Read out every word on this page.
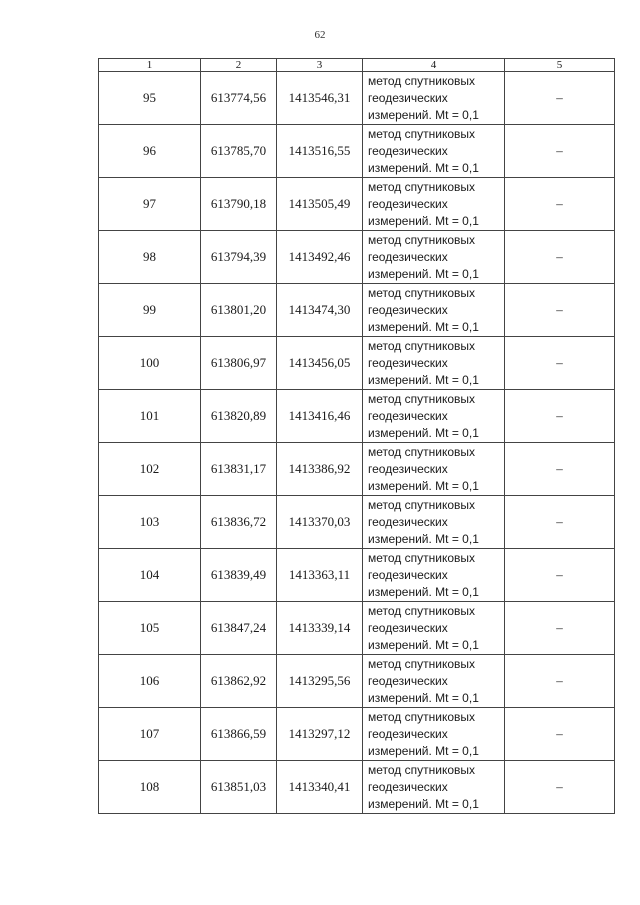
62
1	2	3	4	5
95	613774,56	1413546,31	метод спутниковых
геодезических
измерений. Mt = 0,1	–
96	613785,70	1413516,55	метод спутниковых
геодезических
измерений. Mt = 0,1	–
97	613790,18	1413505,49	метод спутниковых
геодезических
измерений. Mt = 0,1	–
98	613794,39	1413492,46	метод спутниковых
геодезических
измерений. Mt = 0,1	–
99	613801,20	1413474,30	метод спутниковых
геодезических
измерений. Mt = 0,1	–
100	613806,97	1413456,05	метод спутниковых
геодезических
измерений. Mt = 0,1	–
101	613820,89	1413416,46	метод спутниковых
геодезических
измерений. Mt = 0,1	–
102	613831,17	1413386,92	метод спутниковых
геодезических
измерений. Mt = 0,1	–
103	613836,72	1413370,03	метод спутниковых
геодезических
измерений. Mt = 0,1	–
104	613839,49	1413363,11	метод спутниковых
геодезических
измерений. Mt = 0,1	–
105	613847,24	1413339,14	метод спутниковых
геодезических
измерений. Mt = 0,1	–
106	613862,92	1413295,56	метод спутниковых
геодезических
измерений. Mt = 0,1	–
107	613866,59	1413297,12	метод спутниковых
геодезических
измерений. Mt = 0,1	–
108	613851,03	1413340,41	метод спутниковых
геодезических
измерений. Mt = 0,1	–
